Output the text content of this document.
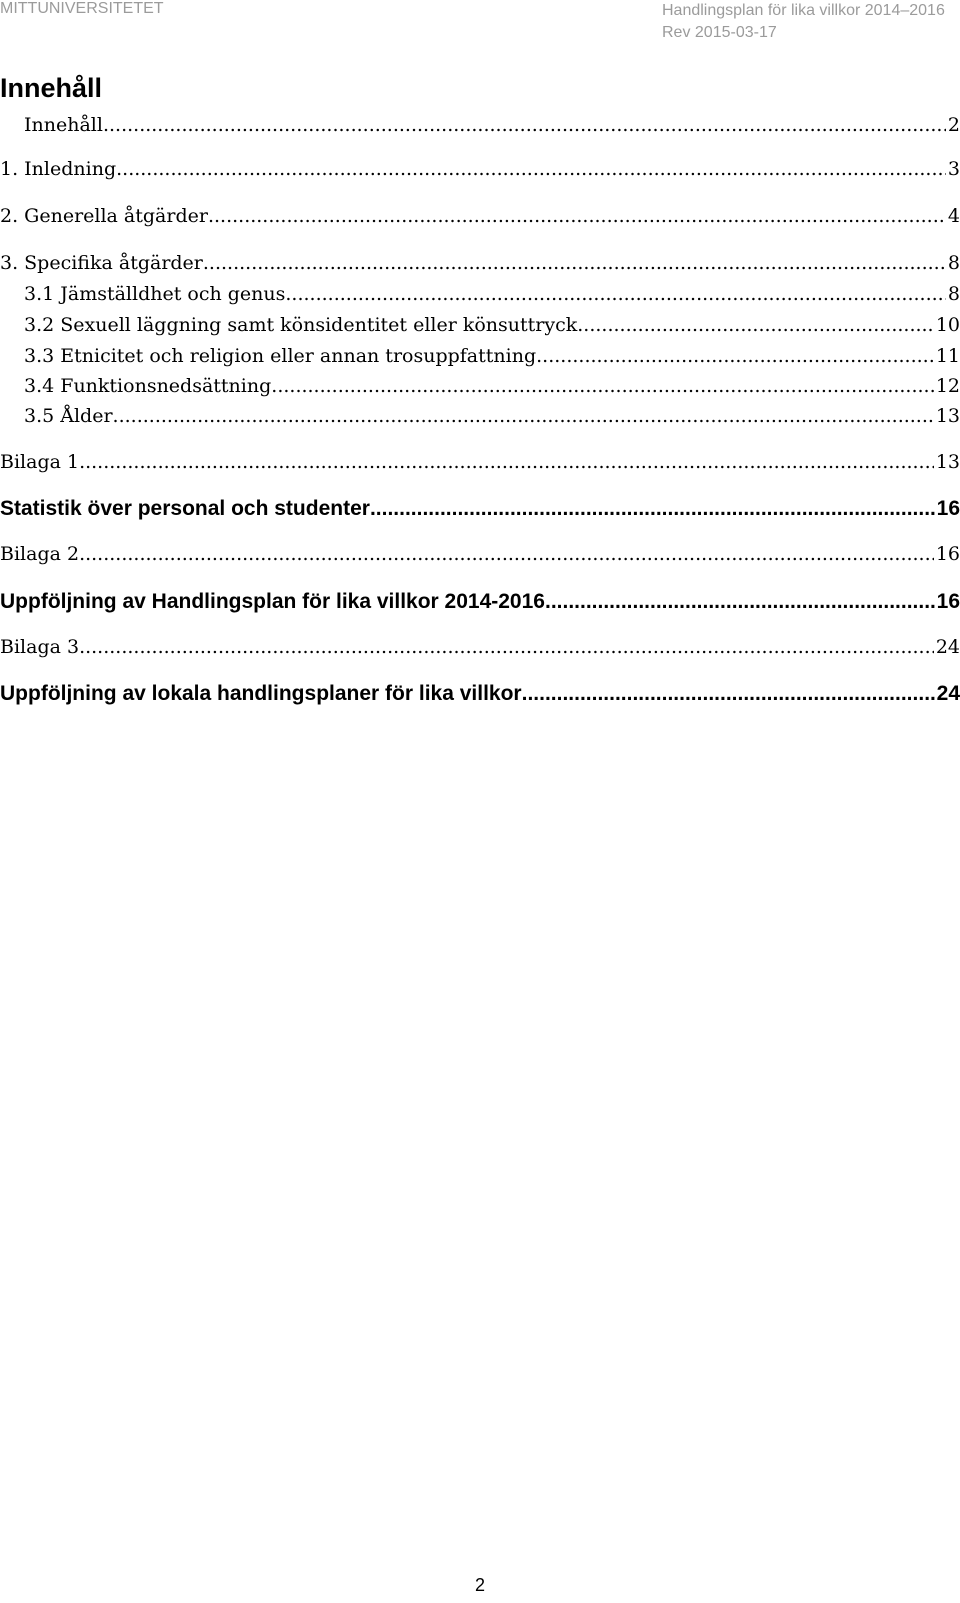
MITTUNIVERSITETET	Handlingsplan för lika villkor 2014–2016
Rev 2015-03-17
Innehåll
Innehåll .....	2
1. Inledning .....	3
2. Generella åtgärder .....	4
3. Specifika åtgärder .....	8
3.1 Jämställdhet och genus .....	8
3.2 Sexuell läggning samt könsidentitet eller könsuttryck .....	10
3.3 Etnicitet och religion eller annan trosuppfattning .....	11
3.4 Funktionsnedsättning .....	12
3.5 Ålder .....	13
Bilaga 1 .....	13
Statistik över personal och studenter .....	16
Bilaga 2 .....	16
Uppföljning av Handlingsplan för lika villkor 2014-2016 .....	16
Bilaga 3 .....	24
Uppföljning av lokala handlingsplaner för lika villkor .....	24
2
